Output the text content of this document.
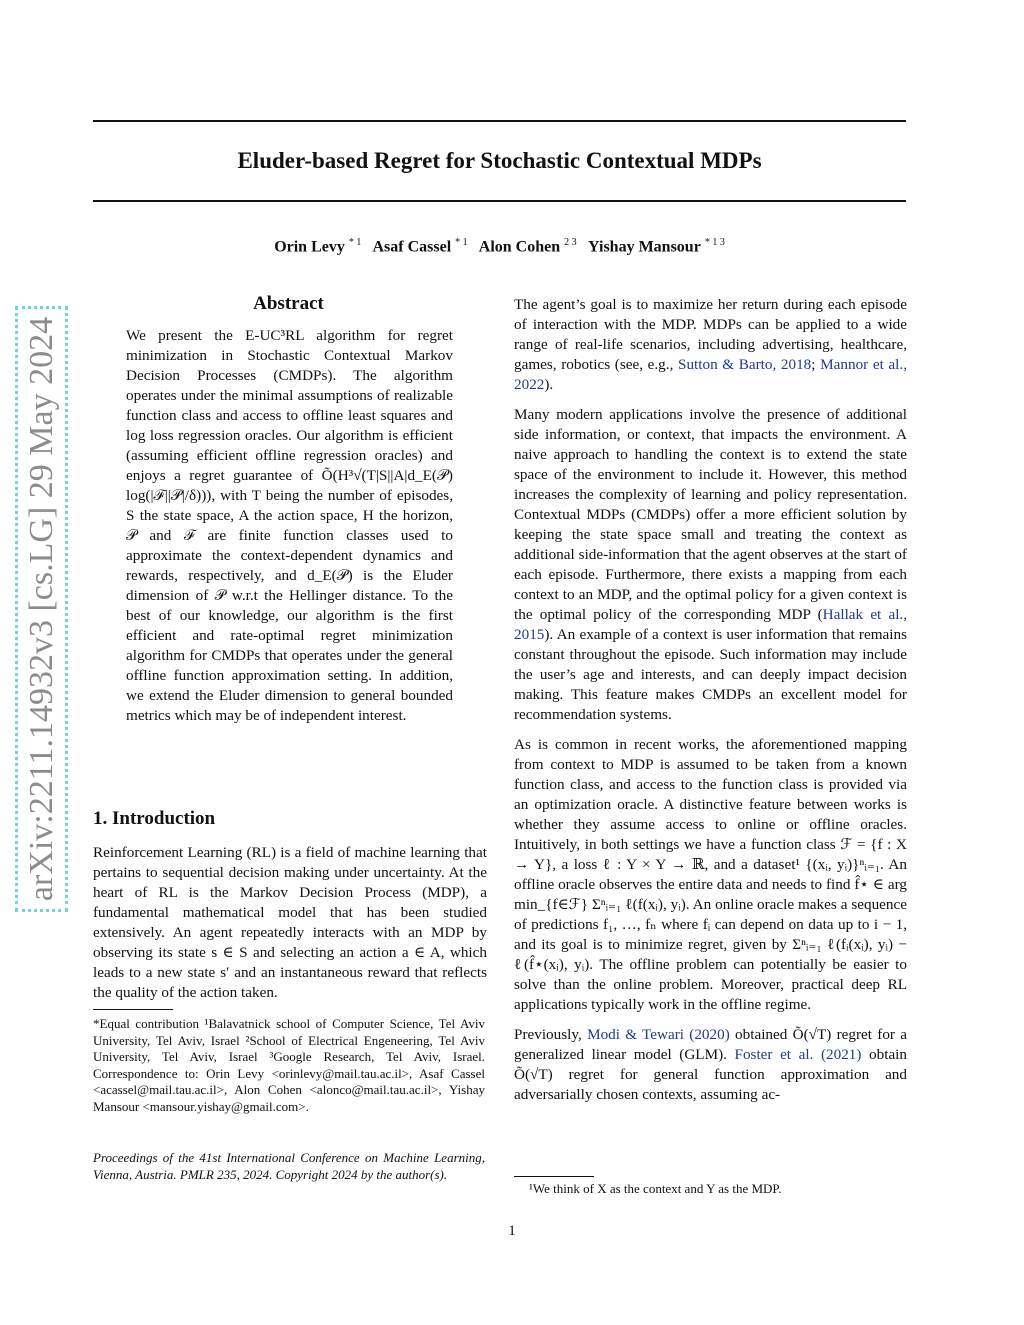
Eluder-based Regret for Stochastic Contextual MDPs
Orin Levy $^{* 1}$ Asaf Cassel $^{* 1}$ Alon Cohen $^{2 3}$ Yishay Mansour $^{* 1 3}$
arXiv:2211.14932v3 [cs.LG] 29 May 2024
Abstract
We present the E-UC³RL algorithm for regret minimization in Stochastic Contextual Markov Decision Processes (CMDPs). The algorithm operates under the minimal assumptions of realizable function class and access to offline least squares and log loss regression oracles. Our algorithm is efficient (assuming efficient offline regression oracles) and enjoys a regret guarantee of Õ(H³√(T|S||A|d_E(𝒫) log(|ℱ||𝒫|/δ))), with T being the number of episodes, S the state space, A the action space, H the horizon, 𝒫 and ℱ are finite function classes used to approximate the context-dependent dynamics and rewards, respectively, and d_E(𝒫) is the Eluder dimension of 𝒫 w.r.t the Hellinger distance. To the best of our knowledge, our algorithm is the first efficient and rate-optimal regret minimization algorithm for CMDPs that operates under the general offline function approximation setting. In addition, we extend the Eluder dimension to general bounded metrics which may be of independent interest.
1. Introduction
Reinforcement Learning (RL) is a field of machine learning that pertains to sequential decision making under uncertainty. At the heart of RL is the Markov Decision Process (MDP), a fundamental mathematical model that has been studied extensively. An agent repeatedly interacts with an MDP by observing its state s ∈ S and selecting an action a ∈ A, which leads to a new state s′ and an instantaneous reward that reflects the quality of the action taken.
*Equal contribution ¹Balavatnick school of Computer Science, Tel Aviv University, Tel Aviv, Israel ²School of Electrical Engeneering, Tel Aviv University, Tel Aviv, Israel ³Google Research, Tel Aviv, Israel. Correspondence to: Orin Levy <orinlevy@mail.tau.ac.il>, Asaf Cassel <acassel@mail.tau.ac.il>, Alon Cohen <alonco@mail.tau.ac.il>, Yishay Mansour <mansour.yishay@gmail.com>.
Proceedings of the 41st International Conference on Machine Learning, Vienna, Austria. PMLR 235, 2024. Copyright 2024 by the author(s).

The agent’s goal is to maximize her return during each episode of interaction with the MDP. MDPs can be applied to a wide range of real-life scenarios, including advertising, healthcare, games, robotics (see, e.g., Sutton & Barto, 2018; Mannor et al., 2022).

Many modern applications involve the presence of additional side information, or context, that impacts the environment. A naive approach to handling the context is to extend the state space of the environment to include it. However, this method increases the complexity of learning and policy representation. Contextual MDPs (CMDPs) offer a more efficient solution by keeping the state space small and treating the context as additional side-information that the agent observes at the start of each episode. Furthermore, there exists a mapping from each context to an MDP, and the optimal policy for a given context is the optimal policy of the corresponding MDP (Hallak et al., 2015). An example of a context is user information that remains constant throughout the episode. Such information may include the user’s age and interests, and can deeply impact decision making. This feature makes CMDPs an excellent model for recommendation systems.

As is common in recent works, the aforementioned mapping from context to MDP is assumed to be taken from a known function class, and access to the function class is provided via an optimization oracle. A distinctive feature between works is whether they assume access to online or offline oracles. Intuitively, in both settings we have a function class ℱ = {f : X → Y}, a loss ℓ : Y × Y → ℝ, and a dataset¹ {(xᵢ, yᵢ)}ⁿᵢ₌₁. An offline oracle observes the entire data and needs to find f̂⋆ ∈ arg min_{f∈ℱ} Σⁿᵢ₌₁ ℓ(f(xᵢ), yᵢ). An online oracle makes a sequence of predictions f₁, …, fₙ where fᵢ can depend on data up to i − 1, and its goal is to minimize regret, given by Σⁿᵢ₌₁ ℓ(fᵢ(xᵢ), yᵢ) − ℓ(f̂⋆(xᵢ), yᵢ). The offline problem can potentially be easier to solve than the online problem. Moreover, practical deep RL applications typically work in the offline regime.

Previously, Modi & Tewari (2020) obtained Õ(√T) regret for a generalized linear model (GLM). Foster et al. (2021) obtain Õ(√T) regret for general function approximation and adversarially chosen contexts, assuming ac-

¹We think of X as the context and Y as the MDP.
1
